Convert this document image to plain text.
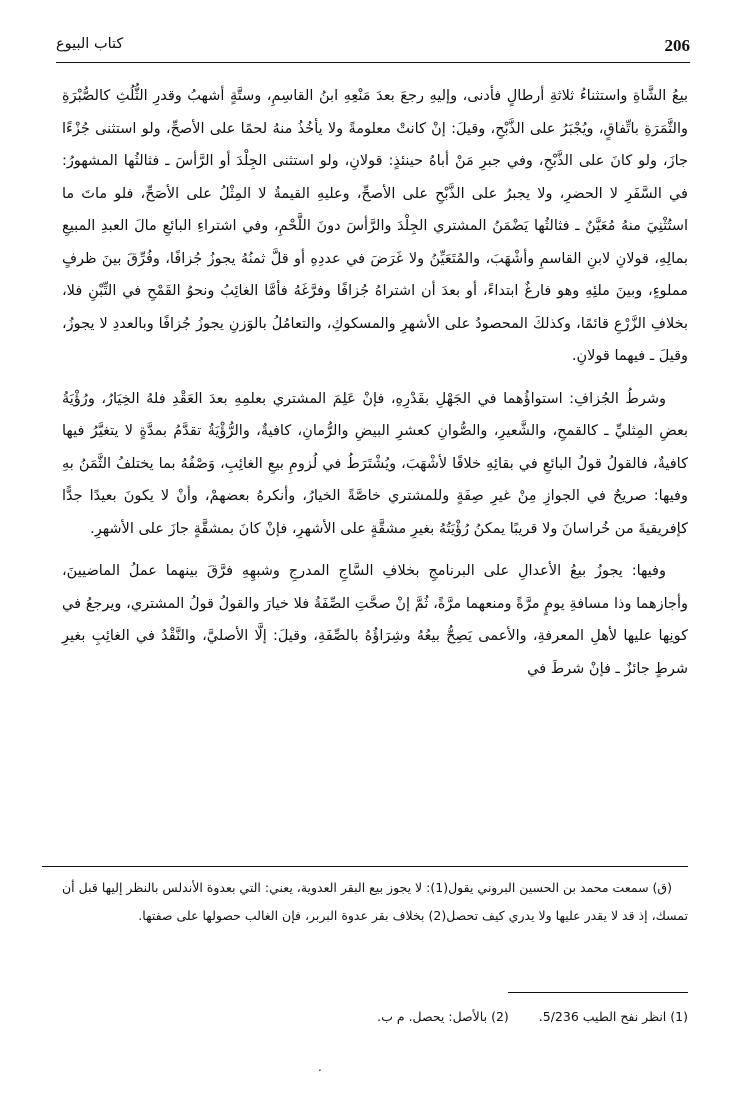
206
كتاب البيوع

بيعُ الشَّاةِ واستثناءُ ثلاثةِ أرطالٍ فأدنى، وإليهِ رجعَ بعدَ مَنْعِهِ ابنُ القاسِمِ، وستَّةٍ أشهبُ وقدرِ الثُّلُثِ كالصُّبْرَةِ والثَّمَرَةِ باتِّفاقٍ، ويُجْبَرُ على الذَّبْحِ، وقيلَ: إنْ كانتْ معلومةً ولا يأخُذُ منهُ لحمًا على الأصحِّ، ولو استثنى جُزْءًا جازَ، ولو كانَ على الذَّبْحِ، وفي جبرِ مَنْ أباهُ حينئذٍ: قولانِ، ولو استثنى الجِلْدَ أو الرَّأسَ ـ فثالثُها المشهورُ: في السَّفَرِ لا الحضرِ، ولا يجبرُ على الذَّبْحِ على الأصحِّ، وعليهِ القيمةُ لا المِثْلُ على الأصَحِّ، فلو ماتَ ما استُثْنِيَ منهُ مُعَيَّنٌ ـ فثالثُها يَضْمَنُ المشتري الجِلْدَ والرَّأسَ دونَ اللَّحْمِ، وفي اشتراءِ البائعِ مالَ العبدِ المبيعِ بمالِهِ، قولانِ لابنِ القاسمِ وأشْهَبَ، والمُتَعَيِّنُ ولا غَرَضَ في عددِهِ أو قلَّ ثمنُهُ يجوزُ جُزافًا، وفُرِّقَ بينَ ظرفٍ مملوءٍ، وبينَ ملئِهِ وهو فارغٌ ابتداءً، أو بعدَ أن اشتراهُ جُزافًا وفرَّغَهُ فأمَّا الغائِبُ ونحوُ القَمْحِ في التِّبْنِ فلا، بخلافِ الزَّرْعِ قائمًا، وكذلكَ المحصودُ على الأشهرِ والمسكوكِ، والتعامُلُ بالوَزنِ يجوزُ جُزافًا وبالعددِ لا يجوزُ، وقيلَ ـ فيهما قولانِ.

وشرطُ الجُزافِ: استواؤُهما في الجَهْلِ بقَدْرِهِ، فإنْ عَلِمَ المشتري بعلمِهِ بعدَ العَقْدِ فلهُ الخِيَارُ، ورُؤْيَةُ بعضِ المِثليِّ ـ كالقمحِ، والشَّعيرِ، والصُّوانِ كعشرِ البيضِ والرُّمانِ، كافيةٌ، والرُّؤْيَةُ تقدَّمُ بمدَّةٍ لا يتغيَّرُ فيها كافيةٌ، فالقولُ قولُ البائعِ في بقائِهِ خلافًا لأشْهَبَ، ويُشْتَرَطُ في لُزومِ بيعِ الغائِبِ، وَصْفُهُ بما يختلفُ الثَّمَنُ بهِ وفيها: صريحٌ في الجوازِ مِنْ غيرِ صِفَةٍ وللمشتري خاصَّةً الخيارُ، وأنكرهُ بعضهمْ، وأنْ لا يكونَ بعيدًا جدًّا كإفريقيةَ من خُراسانَ ولا قريبًا يمكنُ رُؤْيَتُهُ بغيرِ مشقَّةٍ على الأشهرِ، فإنْ كانَ بمشقَّةٍ جازَ على الأشهرِ.

وفيها: يجوزُ بيعُ الأعدالِ على البرنامجِ بخلافِ السَّاجِ المدرجِ وشبهِهِ فرَّقَ بينهما عملُ الماضيينَ، وأجازهما وذا مسافةِ يومٍ مرَّةً ومنعهما مرَّةً، ثُمَّ إنْ صحَّتِ الصِّفَةُ فلا خيارَ والقولُ قولُ المشتري، ويرجعُ في كونِها عليها لأهلِ المعرفةِ، والأعمى يَصِحُّ بيعُهُ وشِرَاؤُهُ بالصِّفَةِ، وقيلَ: إلَّا الأصليَّ، والنَّقْدُ في الغائِبِ بغيرِ شرطٍ جائزٌ ـ فإنْ شرطَ في

(ق) سمعت محمد بن الحسين البروني يقول(1): لا يجوز بيع البقر العدوية، يعني: التي بعدوة الأندلس بالنظر إليها قبل أن تمسك، إذ قد لا يقدر عليها ولا يدري كيف تحصل(2) بخلاف بقر عدوة البربر، فإن الغالب حصولها على صفتها.

(1) انظر نفح الطيب 5/236. (2) بالأصل: يحصل. م ب.
.
